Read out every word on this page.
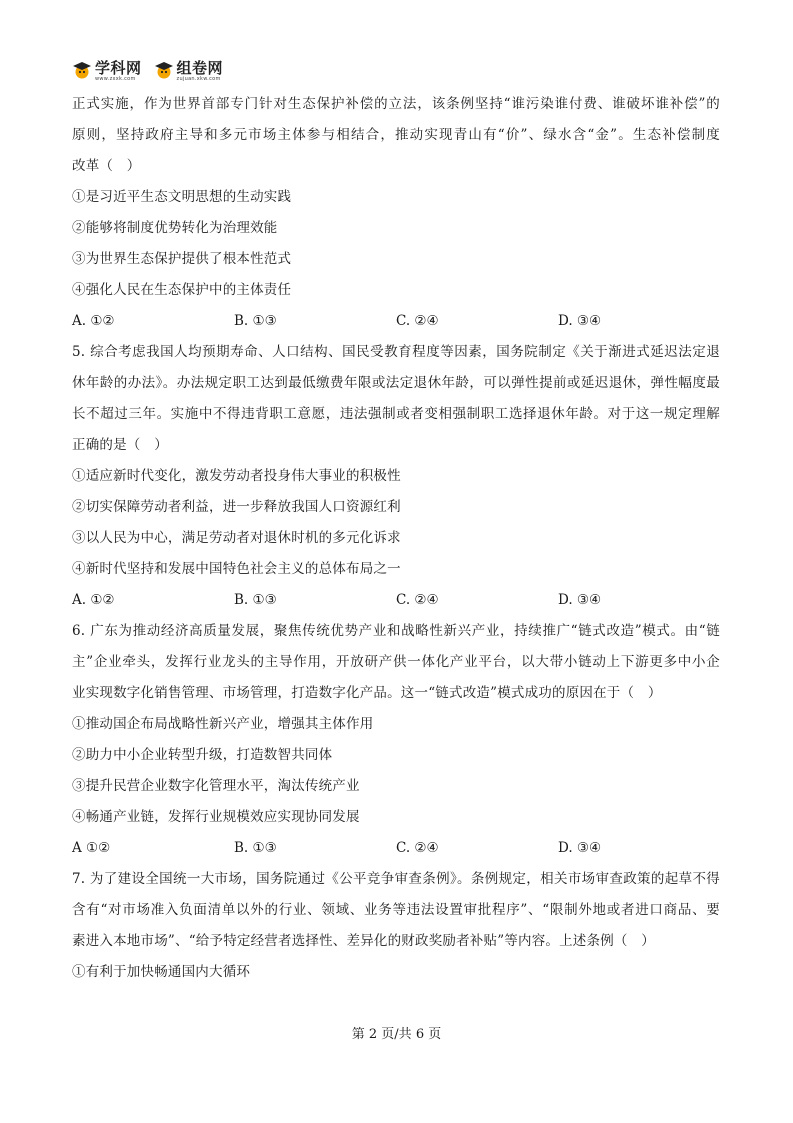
学科网
www.zxxk.com
组卷网
zujuan.xkw.com
正式实施，作为世界首部专门针对生态保护补偿的立法，该条例坚持“谁污染谁付费、谁破坏谁补偿”的
原则，坚持政府主导和多元市场主体参与相结合，推动实现青山有“价”、绿水含“金”。生态补偿制度
改革（　）
①是习近平生态文明思想的生动实践
②能够将制度优势转化为治理效能
③为世界生态保护提供了根本性范式
④强化人民在生态保护中的主体责任
A. ①②	B. ①③	C. ②④	D. ③④
5. 综合考虑我国人均预期寿命、人口结构、国民受教育程度等因素，国务院制定《关于渐进式延迟法定退
休年龄的办法》。办法规定职工达到最低缴费年限或法定退休年龄，可以弹性提前或延迟退休，弹性幅度最
长不超过三年。实施中不得违背职工意愿，违法强制或者变相强制职工选择退休年龄。对于这一规定理解
正确的是（　）
①适应新时代变化，激发劳动者投身伟大事业的积极性
②切实保障劳动者利益，进一步释放我国人口资源红利
③以人民为中心，满足劳动者对退休时机的多元化诉求
④新时代坚持和发展中国特色社会主义的总体布局之一
A. ①②	B. ①③	C. ②④	D. ③④
6. 广东为推动经济高质量发展，聚焦传统优势产业和战略性新兴产业，持续推广“链式改造”模式。由“链
主”企业牵头，发挥行业龙头的主导作用，开放研产供一体化产业平台，以大带小链动上下游更多中小企
业实现数字化销售管理、市场管理，打造数字化产品。这一“链式改造”模式成功的原因在于（　）
①推动国企布局战略性新兴产业，增强其主体作用
②助力中小企业转型升级，打造数智共同体
③提升民营企业数字化管理水平，淘汰传统产业
④畅通产业链，发挥行业规模效应实现协同发展
A ①②	B. ①③	C. ②④	D. ③④
7. 为了建设全国统一大市场，国务院通过《公平竞争审查条例》。条例规定，相关市场审查政策的起草不得
含有“对市场准入负面清单以外的行业、领域、业务等违法设置审批程序”、“限制外地或者进口商品、要
素进入本地市场”、“给予特定经营者选择性、差异化的财政奖励者补贴”等内容。上述条例（　）
①有利于加快畅通国内大循环
第 2 页/共 6 页
